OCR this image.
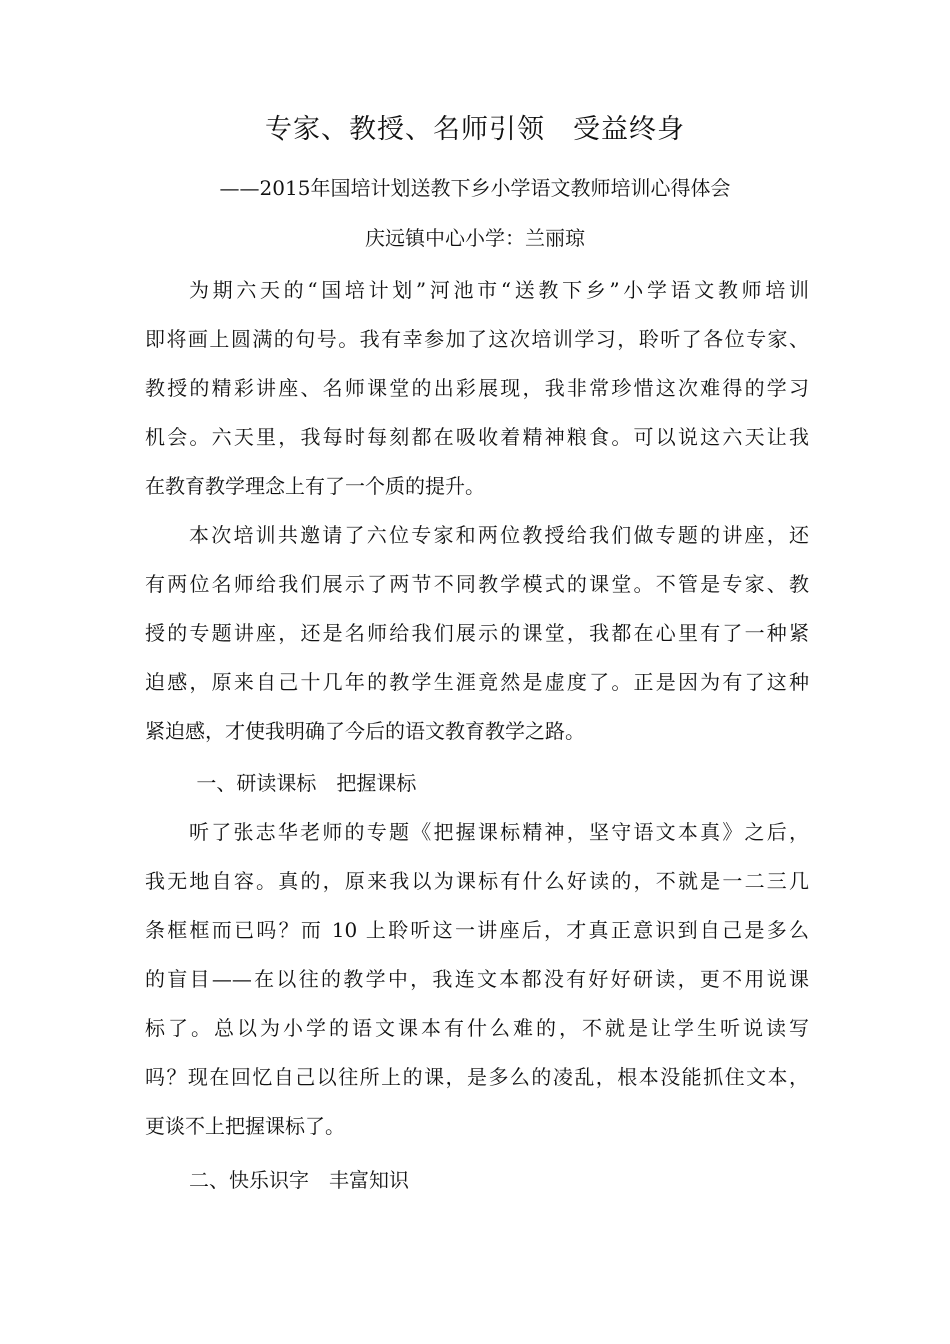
专家、教授、名师引领　受益终身
——2015年国培计划送教下乡小学语文教师培训心得体会
庆远镇中心小学：兰丽琼
为期六天的“国培计划”河池市“送教下乡”小学语文教师培训
即将画上圆满的句号。我有幸参加了这次培训学习，聆听了各位专家、
教授的精彩讲座、名师课堂的出彩展现，我非常珍惜这次难得的学习
机会。六天里，我每时每刻都在吸收着精神粮食。可以说这六天让我
在教育教学理念上有了一个质的提升。
本次培训共邀请了六位专家和两位教授给我们做专题的讲座，还
有两位名师给我们展示了两节不同教学模式的课堂。不管是专家、教
授的专题讲座，还是名师给我们展示的课堂，我都在心里有了一种紧
迫感，原来自己十几年的教学生涯竟然是虚度了。正是因为有了这种
紧迫感，才使我明确了今后的语文教育教学之路。
一、研读课标　把握课标
听了张志华老师的专题《把握课标精神，坚守语文本真》之后，
我无地自容。真的，原来我以为课标有什么好读的，不就是一二三几
条框框而已吗？而 10 上聆听这一讲座后，才真正意识到自己是多么
的盲目——在以往的教学中，我连文本都没有好好研读，更不用说课
标了。总以为小学的语文课本有什么难的，不就是让学生听说读写
吗？现在回忆自己以往所上的课，是多么的凌乱，根本没能抓住文本，
更谈不上把握课标了。
二、快乐识字　丰富知识
